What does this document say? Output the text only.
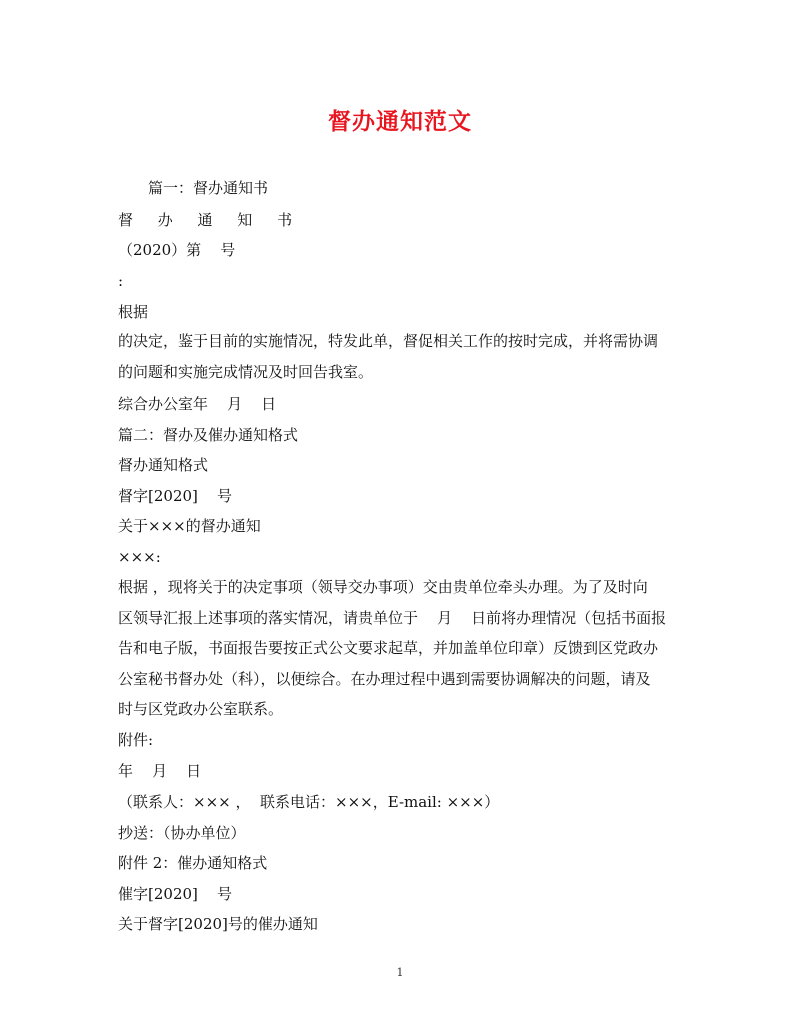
督办通知范文

篇一：督办通知书

督 办 通 知 书

（2020）第    号

:

根据

的决定，鉴于目前的实施情况，特发此单，督促相关工作的按时完成，并将需协调

的问题和实施完成情况及时回告我室。

综合办公室年    月    日

篇二：督办及催办通知格式

督办通知格式

督字[2020]    号

关于×××的督办通知

×××:

根据 ，现将关于的决定事项（领导交办事项）交由贵单位牵头办理。为了及时向

区领导汇报上述事项的落实情况，请贵单位于    月    日前将办理情况（包括书面报

告和电子版，书面报告要按正式公文要求起草，并加盖单位印章）反馈到区党政办

公室秘书督办处（科），以便综合。在办理过程中遇到需要协调解决的问题，请及

时与区党政办公室联系。

附件:

年    月    日

（联系人：××× ，  联系电话：×××，E-mail: ×××）

抄送：（协办单位）

附件 2：催办通知格式

催字[2020]    号

关于督字[2020]号的催办通知

1
